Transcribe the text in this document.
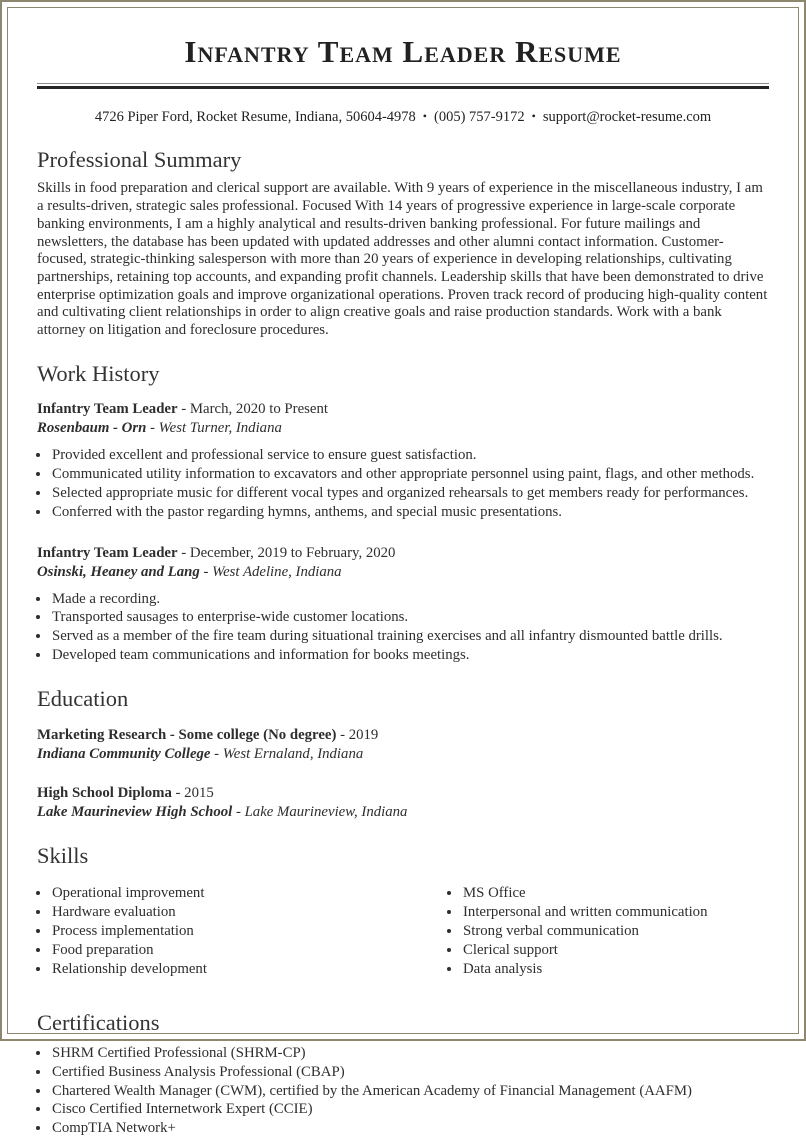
Infantry Team Leader Resume
4726 Piper Ford, Rocket Resume, Indiana, 50604-4978 • (005) 757-9172 • support@rocket-resume.com
Professional Summary

Skills in food preparation and clerical support are available. With 9 years of experience in the miscellaneous industry, I am a results-driven, strategic sales professional. Focused With 14 years of progressive experience in large-scale corporate banking environments, I am a highly analytical and results-driven banking professional. For future mailings and newsletters, the database has been updated with updated addresses and other alumni contact information. Customer-focused, strategic-thinking salesperson with more than 20 years of experience in developing relationships, cultivating partnerships, retaining top accounts, and expanding profit channels. Leadership skills that have been demonstrated to drive enterprise optimization goals and improve organizational operations. Proven track record of producing high-quality content and cultivating client relationships in order to align creative goals and raise production standards. Work with a bank attorney on litigation and foreclosure procedures.

Work History

Infantry Team Leader - March, 2020 to Present

Rosenbaum - Orn - West Turner, Indiana

• Provided excellent and professional service to ensure guest satisfaction.
• Communicated utility information to excavators and other appropriate personnel using paint, flags, and other methods.
• Selected appropriate music for different vocal types and organized rehearsals to get members ready for performances.
• Conferred with the pastor regarding hymns, anthems, and special music presentations.

Infantry Team Leader - December, 2019 to February, 2020

Osinski, Heaney and Lang - West Adeline, Indiana

• Made a recording.
• Transported sausages to enterprise-wide customer locations.
• Served as a member of the fire team during situational training exercises and all infantry dismounted battle drills.
• Developed team communications and information for books meetings.
Education

Marketing Research - Some college (No degree) - 2019

Indiana Community College - West Ernaland, Indiana

High School Diploma - 2015

Lake Maurineview High School - Lake Maurineview, Indiana

Skills
• Operational improvement
• Hardware evaluation
• Process implementation
• Food preparation
• Relationship development
• MS Office
• Interpersonal and written communication
• Strong verbal communication
• Clerical support
• Data analysis
Certifications
• SHRM Certified Professional (SHRM-CP)
• Certified Business Analysis Professional (CBAP)
• Chartered Wealth Manager (CWM), certified by the American Academy of Financial Management (AAFM)
• Cisco Certified Internetwork Expert (CCIE)
• CompTIA Network+
